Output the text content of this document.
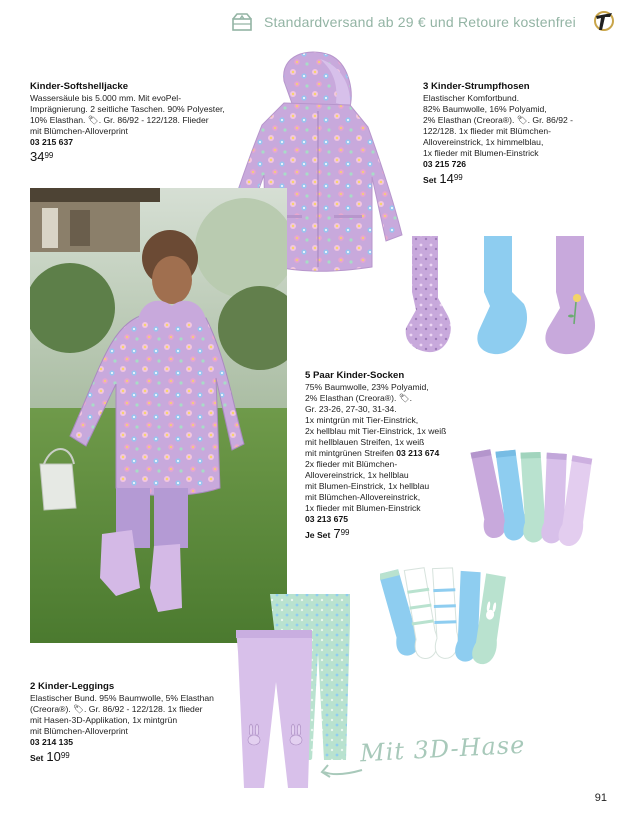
Standardversand ab 29 € und Retoure kostenfrei
Kinder-Softshelljacke
Wassersäule bis 5.000 mm. Mit evoPel-
Imprägnierung. 2 seitliche Taschen. 90% Polyester,
10% Elasthan. 🏷. Gr. 86/92 - 122/128. Flieder
mit Blümchen-Alloverprint
03 215 637
$34^{99}$
3 Kinder-Strumpfhosen
Elastischer Komfortbund.
82% Baumwolle, 16% Polyamid,
2% Elasthan (Creora®). 🏷. Gr. 86/92 -
122/128. 1x flieder mit Blümchen-
Allovereinstrick, 1x himmelblau,
1x flieder mit Blumen-Einstrick
03 215 726
Set $14^{99}$
5 Paar Kinder-Socken
75% Baumwolle, 23% Polyamid,
2% Elasthan (Creora®). 🏷.
Gr. 23-26, 27-30, 31-34.
1x mintgrün mit Tier-Einstrick,
2x hellblau mit Tier-Einstrick, 1x weiß
mit hellblauen Streifen, 1x weiß
mit mintgrünen Streifen 03 213 674
2x flieder mit Blümchen-
Allovereinstrick, 1x hellblau
mit Blumen-Einstrick, 1x hellblau
mit Blümchen-Allovereinstrick,
1x flieder mit Blumen-Einstrick
03 213 675
Je Set $7^{99}$
2 Kinder-Leggings
Elastischer Bund. 95% Baumwolle, 5% Elasthan
(Creora®). 🏷. Gr. 86/92 - 122/128. 1x flieder
mit Hasen-3D-Applikation, 1x mintgrün
mit Blümchen-Alloverprint
03 214 135
Set $10^{99}$	Mit 3D-Hase
91
